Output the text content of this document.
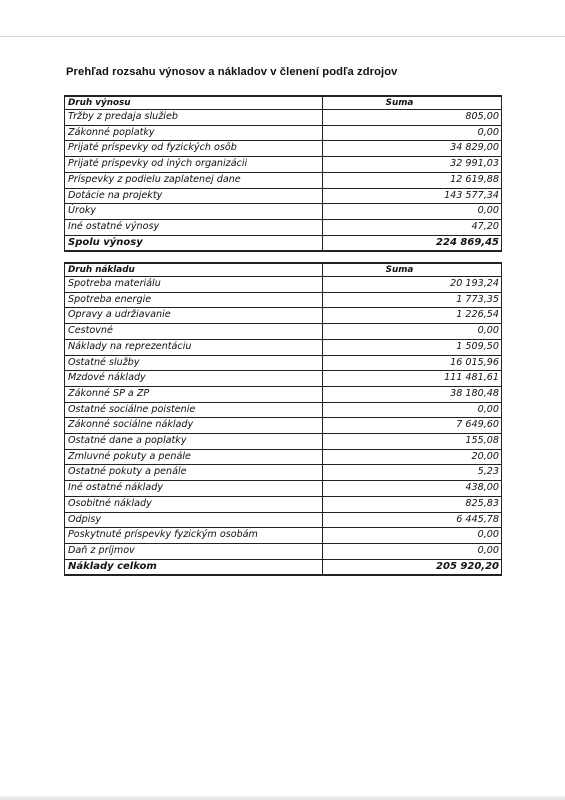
Prehľad rozsahu výnosov a nákladov v členení podľa zdrojov
Druh výnosu	Suma
Tržby z predaja služieb	805,00
Zákonné poplatky	0,00
Prijaté príspevky od fyzických osôb	34 829,00
Prijaté príspevky od iných organizácii	32 991,03
Príspevky z podielu zaplatenej dane	12 619,88
Dotácie na projekty	143 577,34
Úroky	0,00
Iné ostatné výnosy	47,20
Spolu výnosy	224 869,45
Druh nákladu	Suma
Spotreba materiálu	20 193,24
Spotreba energie	1 773,35
Opravy a udržiavanie	1 226,54
Cestovné	0,00
Náklady na reprezentáciu	1 509,50
Ostatné služby	16 015,96
Mzdové náklady	111 481,61
Zákonné SP a ZP	38 180,48
Ostatné sociálne poistenie	0,00
Zákonné sociálne náklady	7 649,60
Ostatné dane a poplatky	155,08
Zmluvné pokuty a penále	20,00
Ostatné pokuty a penále	5,23
Iné ostatné náklady	438,00
Osobitné náklady	825,83
Odpisy	6 445,78
Poskytnuté príspevky fyzickým osobám	0,00
Daň z príjmov	0,00
Náklady celkom	205 920,20
